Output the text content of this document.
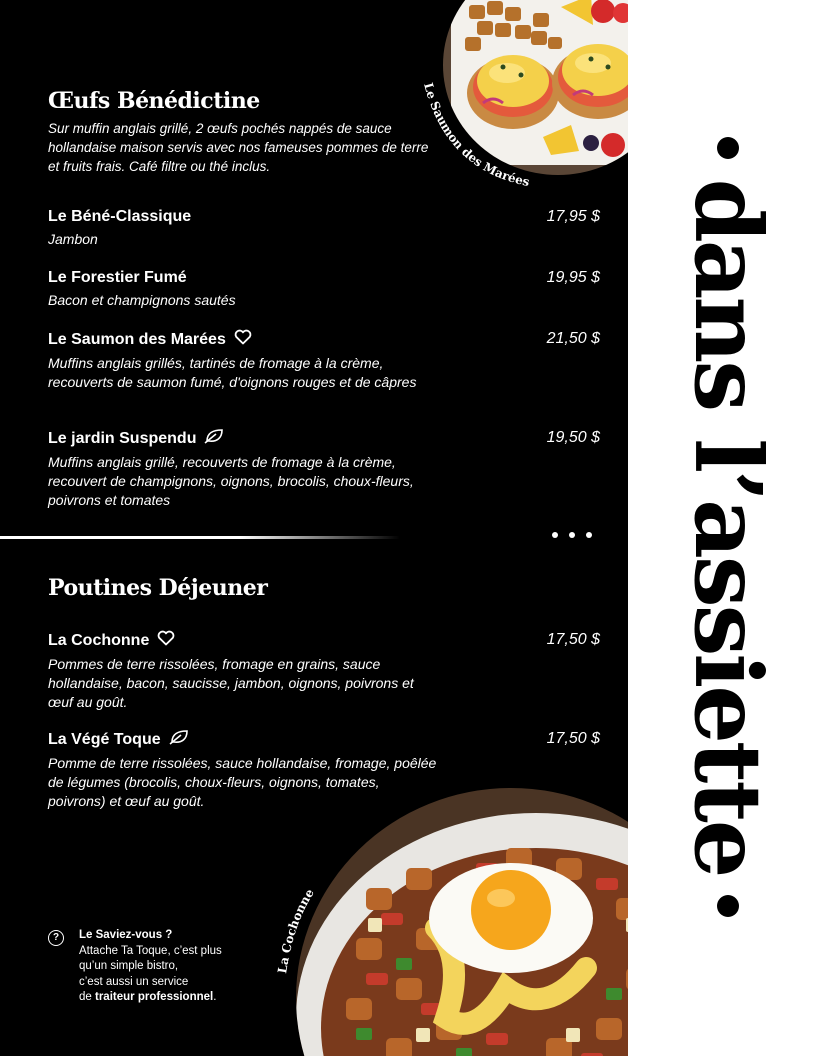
Le Saumon des Marées
Œufs Bénédictine

Sur muffin anglais grillé, 2 œufs pochés nappés de sauce hollandaise maison servis avec nos fameuses pommes de terre et fruits frais. Café filtre ou thé inclus.

Le Béné-Classique	17,95 $
Jambon
Le Forestier Fumé	19,95 $
Bacon et champignons sautés
Le Saumon des Marées	21,50 $
Muffins anglais grillés, tartinés de fromage à la crème, recouverts de saumon fumé, d'oignons rouges et de câpres
Le jardin Suspendu	19,50 $
Muffins anglais grillé, recouverts de fromage à la crème, recouvert de champignons, oignons, brocolis, choux-fleurs, poivrons et tomates
Poutines Déjeuner
La Cochonne	17,50 $
Pommes de terre rissolées, fromage en grains, sauce hollandaise, bacon, saucisse, jambon, oignons, poivrons et œuf au goût.
La Végé Toque	17,50 $
Pomme de terre rissolées, sauce hollandaise, fromage, poêlée de légumes (brocolis, choux-fleurs, oignons, tomates, poivrons) et œuf au goût.
La Cochonne
?	Le Saviez-vous ?
Attache Ta Toque, c’est plus
qu’un simple bistro,
c’est aussi un service
de traiteur professionnel.
dans l’assiette
